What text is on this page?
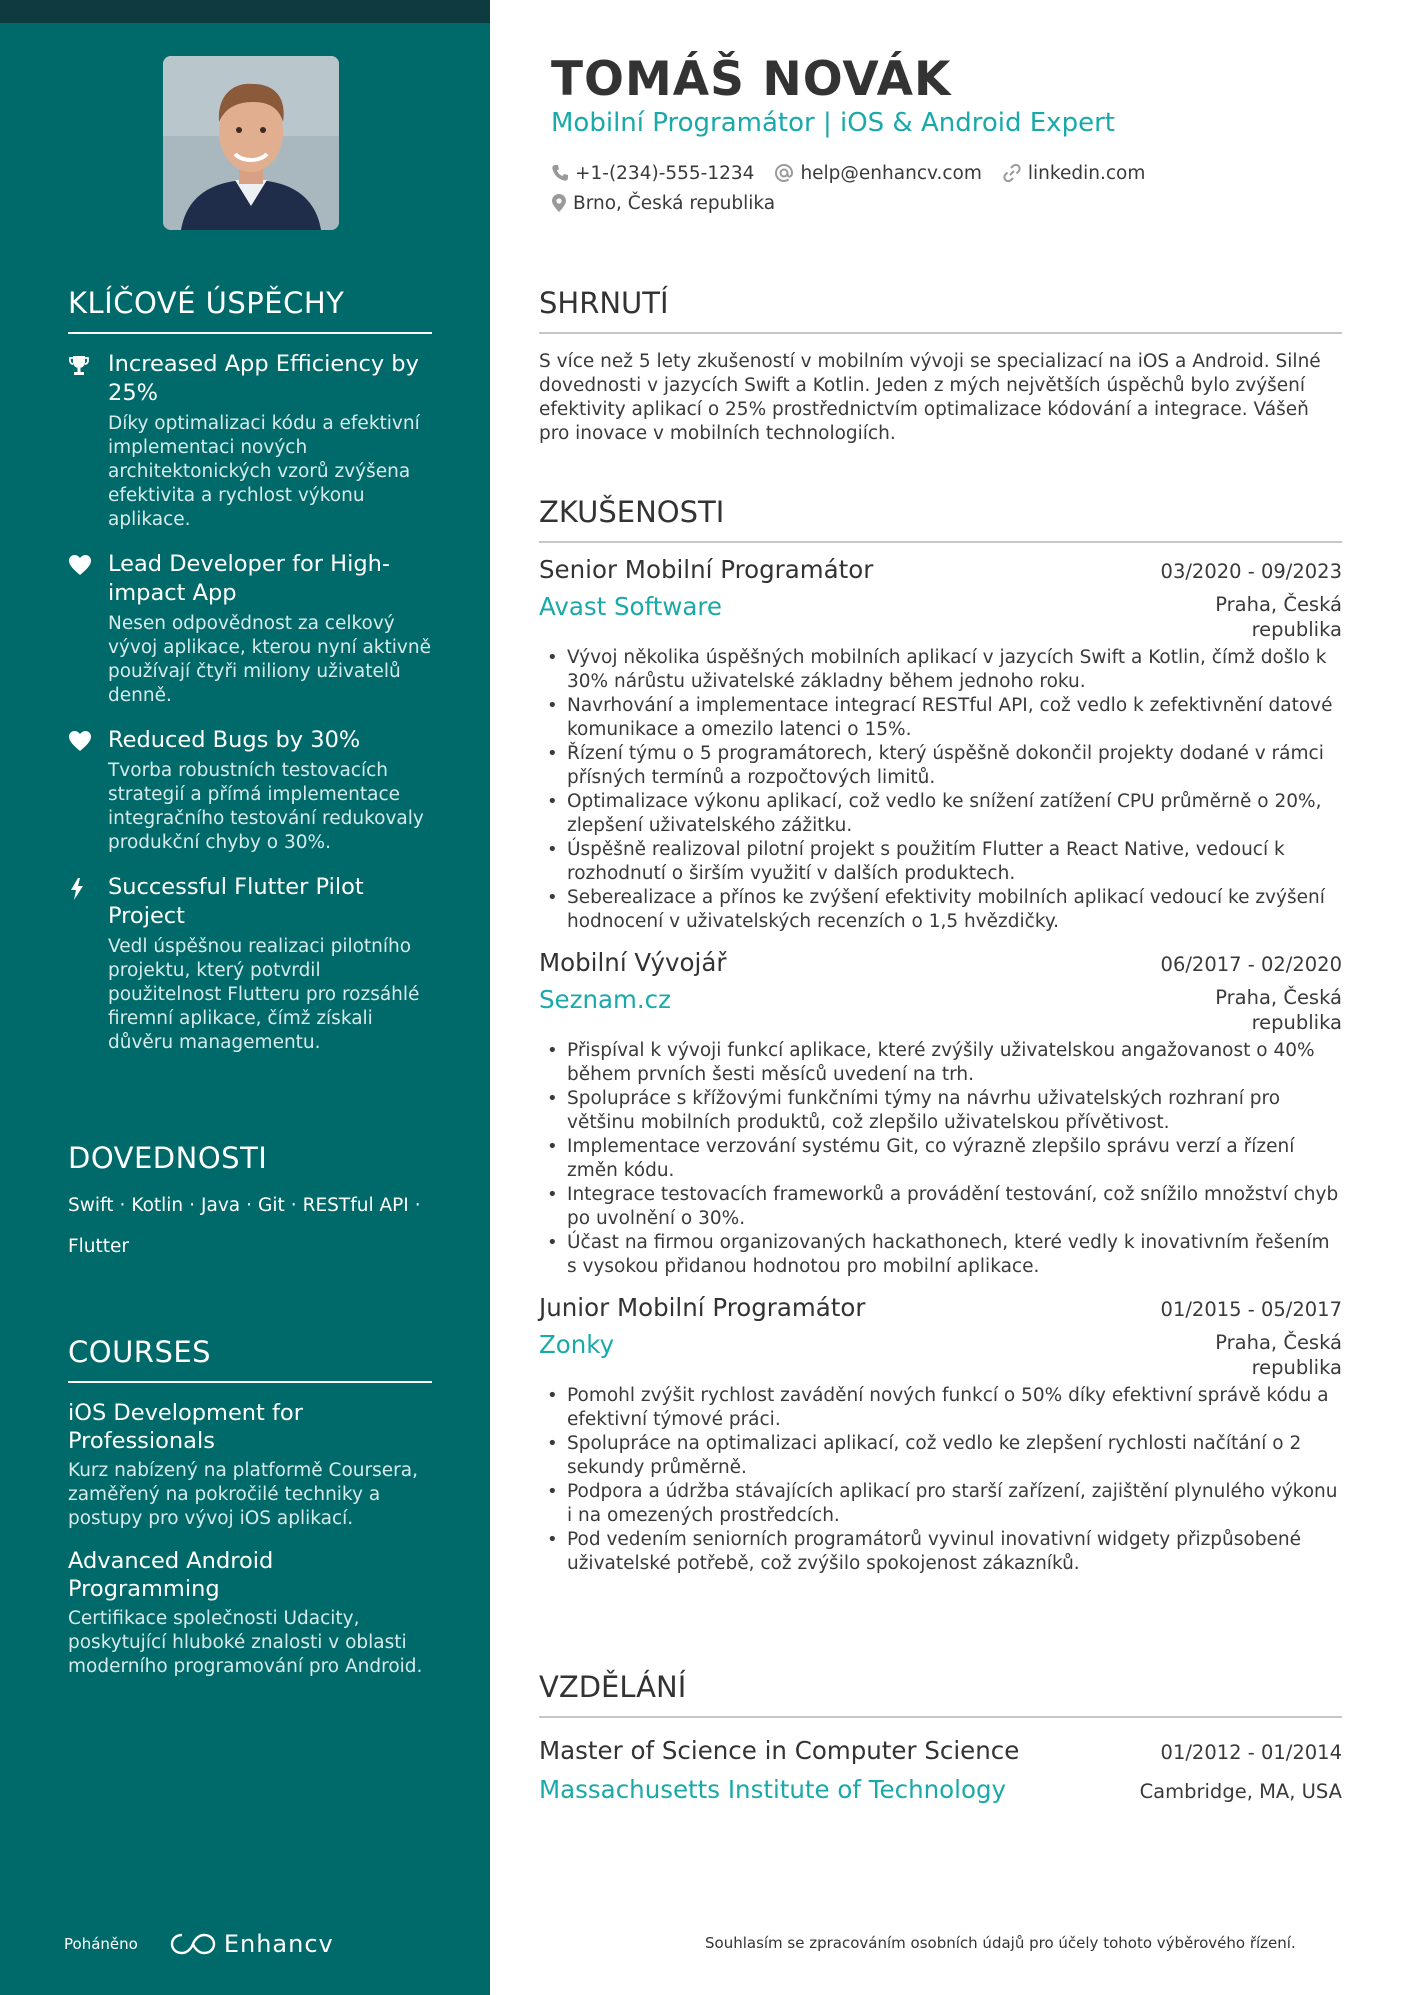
KLÍČOVÉ ÚSPĚCHY
Increased App Efficiency by 25%
Díky optimalizaci kódu a efektivní implementaci nových architektonických vzorů zvýšena efektivita a rychlost výkonu aplikace.
Lead Developer for High-impact App
Nesen odpovědnost za celkový vývoj aplikace, kterou nyní aktivně používají čtyři miliony uživatelů denně.
Reduced Bugs by 30%
Tvorba robustních testovacích strategií a přímá implementace integračního testování redukovaly produkční chyby o 30%.
Successful Flutter Pilot Project
Vedl úspěšnou realizaci pilotního projektu, který potvrdil použitelnost Flutteru pro rozsáhlé firemní aplikace, čímž získali důvěru managementu.
DOVEDNOSTI
Swift · Kotlin · Java · Git · RESTful API ·
Flutter
COURSES
iOS Development for Professionals
Kurz nabízený na platformě Coursera, zaměřený na pokročilé techniky a postupy pro vývoj iOS aplikací.
Advanced Android Programming
Certifikace společnosti Udacity, poskytující hluboké znalosti v oblasti moderního programování pro Android.
Poháněno	Enhancv
TOMÁŠ NOVÁK
Mobilní Programátor | iOS & Android Expert
+1-(234)-555-1234 help@enhancv.com linkedin.com
Brno, Česká republika
SHRNUTÍ
S více než 5 lety zkušeností v mobilním vývoji se specializací na iOS a Android. Silné dovednosti v jazycích Swift a Kotlin. Jeden z mých největších úspěchů bylo zvýšení efektivity aplikací o 25% prostřednictvím optimalizace kódování a integrace. Vášeň pro inovace v mobilních technologiích.
ZKUŠENOSTI
Senior Mobilní Programátor	03/2020 - 09/2023
Avast Software	Praha, Česká republika
• Vývoj několika úspěšných mobilních aplikací v jazycích Swift a Kotlin, čímž došlo k 30% nárůstu uživatelské základny během jednoho roku.
• Navrhování a implementace integrací RESTful API, což vedlo k zefektivnění datové komunikace a omezilo latenci o 15%.
• Řízení týmu o 5 programátorech, který úspěšně dokončil projekty dodané v rámci přísných termínů a rozpočtových limitů.
• Optimalizace výkonu aplikací, což vedlo ke snížení zatížení CPU průměrně o 20%, zlepšení uživatelského zážitku.
• Úspěšně realizoval pilotní projekt s použitím Flutter a React Native, vedoucí k rozhodnutí o širším využití v dalších produktech.
• Seberealizace a přínos ke zvýšení efektivity mobilních aplikací vedoucí ke zvýšení hodnocení v uživatelských recenzích o 1,5 hvězdičky.
Mobilní Vývojář	06/2017 - 02/2020
Seznam.cz	Praha, Česká republika
• Přispíval k vývoji funkcí aplikace, které zvýšily uživatelskou angažovanost o 40% během prvních šesti měsíců uvedení na trh.
• Spolupráce s křížovými funkčními týmy na návrhu uživatelských rozhraní pro většinu mobilních produktů, což zlepšilo uživatelskou přívětivost.
• Implementace verzování systému Git, co výrazně zlepšilo správu verzí a řízení změn kódu.
• Integrace testovacích frameworků a provádění testování, což snížilo množství chyb po uvolnění o 30%.
• Účast na firmou organizovaných hackathonech, které vedly k inovativním řešením s vysokou přidanou hodnotou pro mobilní aplikace.
Junior Mobilní Programátor	01/2015 - 05/2017
Zonky	Praha, Česká republika
• Pomohl zvýšit rychlost zavádění nových funkcí o 50% díky efektivní správě kódu a efektivní týmové práci.
• Spolupráce na optimalizaci aplikací, což vedlo ke zlepšení rychlosti načítání o 2 sekundy průměrně.
• Podpora a údržba stávajících aplikací pro starší zařízení, zajištění plynulého výkonu i na omezených prostředcích.
• Pod vedením seniorních programátorů vyvinul inovativní widgety přizpůsobené uživatelské potřebě, což zvýšilo spokojenost zákazníků.
VZDĚLÁNÍ
Master of Science in Computer Science	01/2012 - 01/2014
Massachusetts Institute of Technology	Cambridge, MA, USA
Souhlasím se zpracováním osobních údajů pro účely tohoto výběrového řízení.
